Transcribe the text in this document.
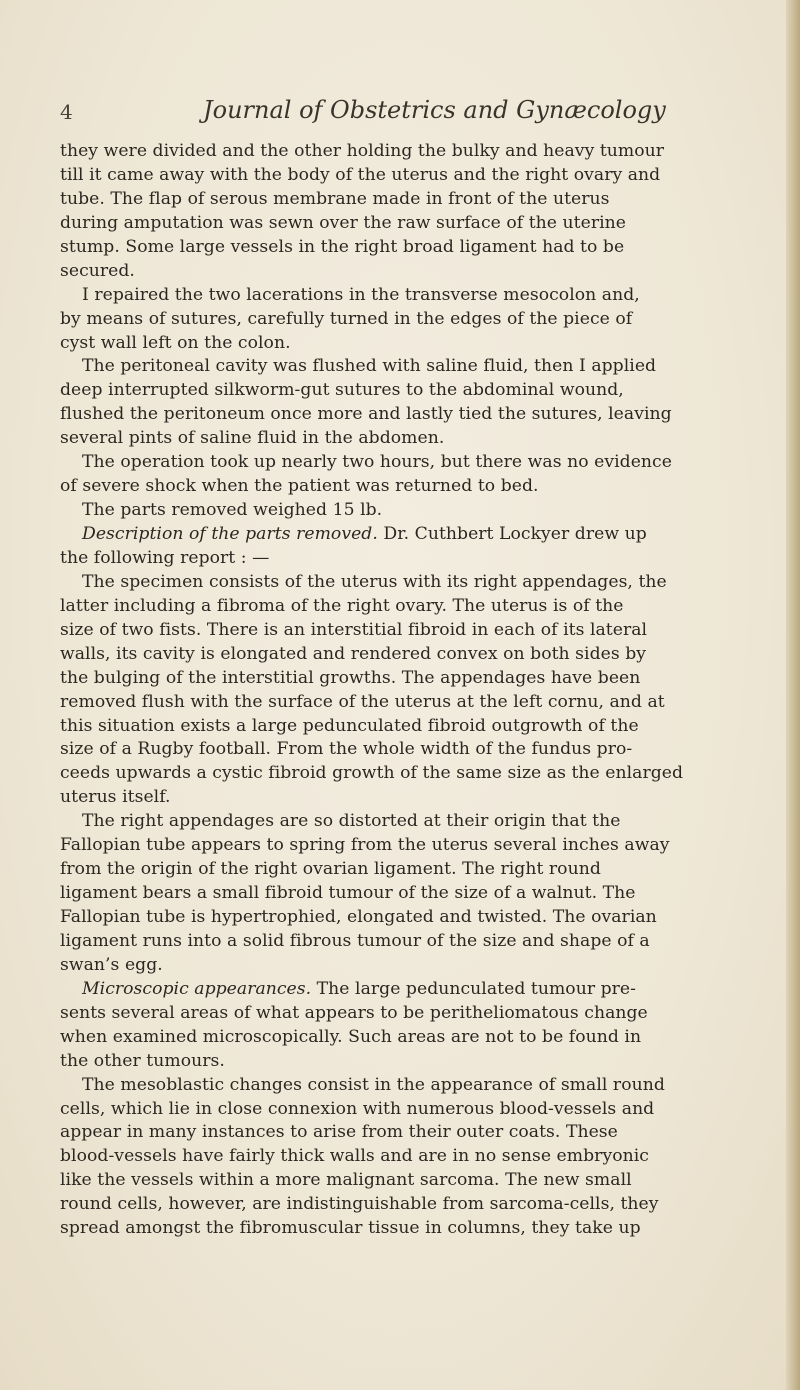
4	Journal of Obstetrics and Gynæcology
they were divided and the other holding the bulky and heavy tumour
till it came away with the body of the uterus and the right ovary and
tube. The flap of serous membrane made in front of the uterus
during amputation was sewn over the raw surface of the uterine
stump. Some large vessels in the right broad ligament had to be
secured.
I repaired the two lacerations in the transverse mesocolon and,
by means of sutures, carefully turned in the edges of the piece of
cyst wall left on the colon.
The peritoneal cavity was flushed with saline fluid, then I applied
deep interrupted silkworm-gut sutures to the abdominal wound,
flushed the peritoneum once more and lastly tied the sutures, leaving
several pints of saline fluid in the abdomen.
The operation took up nearly two hours, but there was no evidence
of severe shock when the patient was returned to bed.
The parts removed weighed 15 lb.
Description of the parts removed. Dr. Cuthbert Lockyer drew up
the following report : —
The specimen consists of the uterus with its right appendages, the
latter including a fibroma of the right ovary. The uterus is of the
size of two fists. There is an interstitial fibroid in each of its lateral
walls, its cavity is elongated and rendered convex on both sides by
the bulging of the interstitial growths. The appendages have been
removed flush with the surface of the uterus at the left cornu, and at
this situation exists a large pedunculated fibroid outgrowth of the
size of a Rugby football. From the whole width of the fundus pro-
ceeds upwards a cystic fibroid growth of the same size as the enlarged
uterus itself.
The right appendages are so distorted at their origin that the
Fallopian tube appears to spring from the uterus several inches away
from the origin of the right ovarian ligament. The right round
ligament bears a small fibroid tumour of the size of a walnut. The
Fallopian tube is hypertrophied, elongated and twisted. The ovarian
ligament runs into a solid fibrous tumour of the size and shape of a
swan’s egg.
Microscopic appearances. The large pedunculated tumour pre-
sents several areas of what appears to be peritheliomatous change
when examined microscopically. Such areas are not to be found in
the other tumours.
The mesoblastic changes consist in the appearance of small round
cells, which lie in close connexion with numerous blood-vessels and
appear in many instances to arise from their outer coats. These
blood-vessels have fairly thick walls and are in no sense embryonic
like the vessels within a more malignant sarcoma. The new small
round cells, however, are indistinguishable from sarcoma-cells, they
spread amongst the fibromuscular tissue in columns, they take up
